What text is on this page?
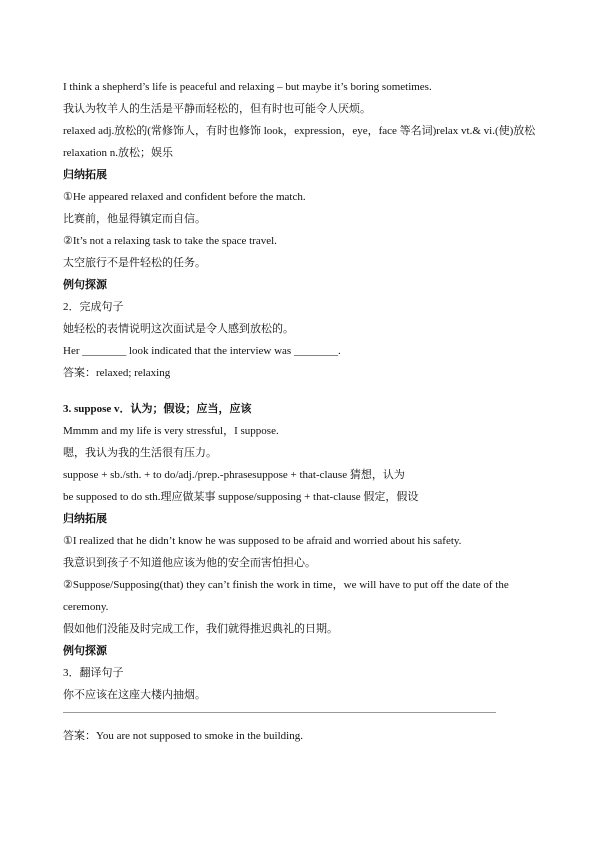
I think a shepherd’s life is peaceful and relaxing – but maybe it’s boring sometimes.
我认为牧羊人的生活是平静而轻松的，但有时也可能令人厌烦。
relaxed adj.放松的(常修饰人，有时也修饰 look，expression，eye，face 等名词)relax vt.& vi.(使)放松 relaxation n.放松；娱乐
归纳拓展
①He appeared relaxed and confident before the match.
比赛前，他显得镇定而自信。
②It’s not a relaxing task to take the space travel.
太空旅行不是件轻松的任务。
例句探源
2．完成句子
她轻松的表情说明这次面试是令人感到放松的。
Her ________ look indicated that the interview was ________.
答案：relaxed; relaxing
3. suppose v．认为；假设；应当，应该
Mmmm and my life is very stressful，I suppose.
嗯，我认为我的生活很有压力。
suppose + sb./sth. + to do/adj./prep.-phrasesuppose + that-clause 猜想，认为
be supposed to do sth.理应做某事 suppose/supposing + that-clause 假定，假设
归纳拓展
①I realized that he didn’t know he was supposed to be afraid and worried about his safety.
我意识到孩子不知道他应该为他的安全而害怕担心。
②Suppose/Supposing(that) they can’t finish the work in time，we will have to put off the date of the ceremony.
假如他们没能及时完成工作，我们就得推迟典礼的日期。
例句探源
3．翻译句子
你不应该在这座大楼内抽烟。
答案：You are not supposed to smoke in the building.
